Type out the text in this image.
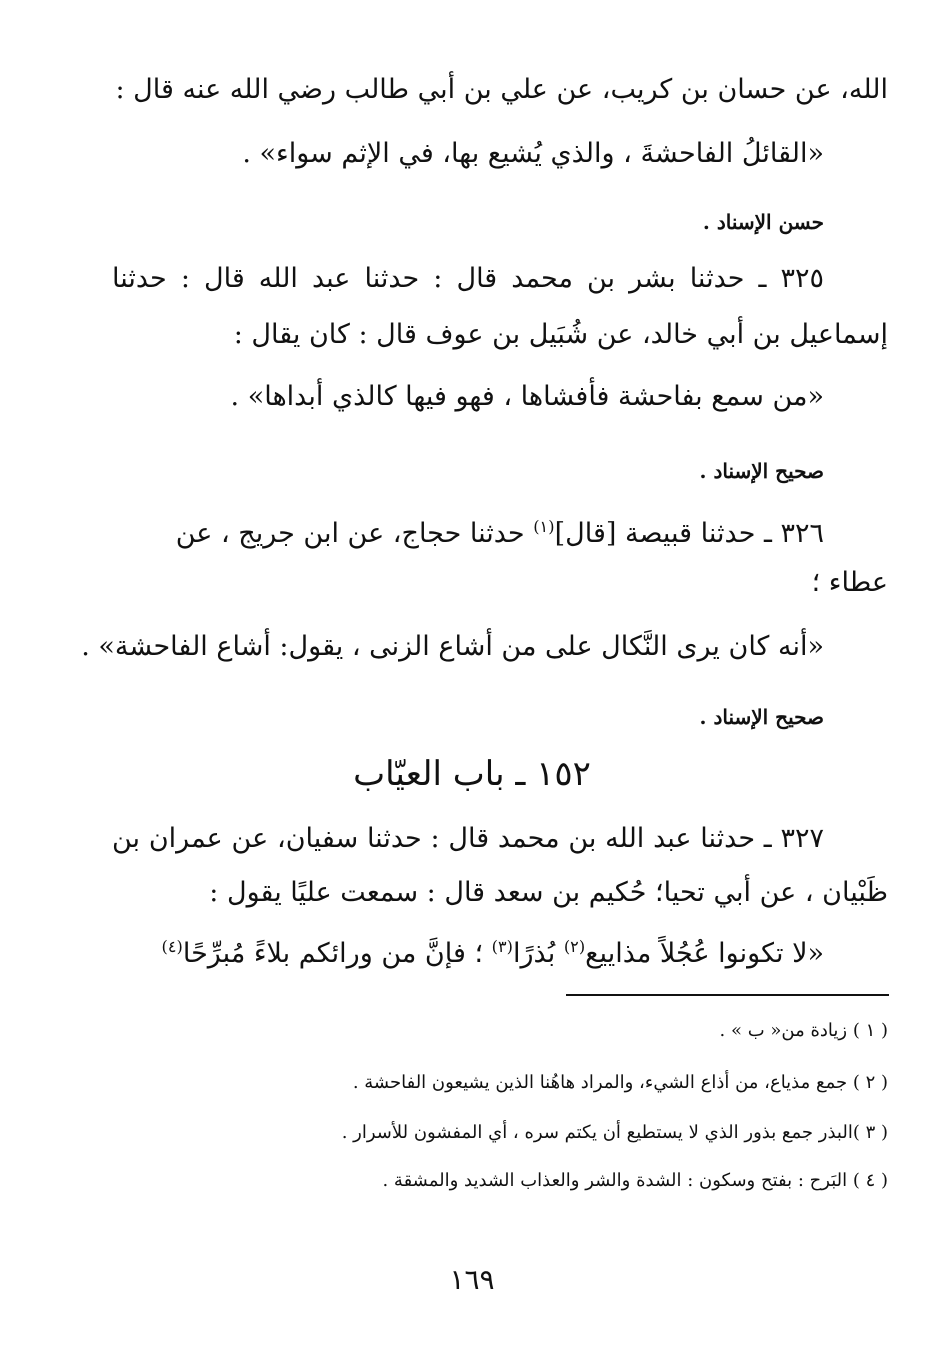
الله، عن حسان بن كريب، عن علي بن أبي طالب رضي الله عنه قال :
«القائلُ الفاحشةَ ، والذي يُشيع بها، في الإثم سواء» .
حسن الإسناد .
٣٢٥ ـ حدثنا بشر بن محمد قال : حدثنا عبد الله قال : حدثنا
إسماعيل بن أبي خالد، عن شُبَيل بن عوف قال : كان يقال :
«من سمع بفاحشة فأفشاها ، فهو فيها كالذي أبداها» .
صحيح الإسناد .
٣٢٦ ـ حدثنا قبيصة [قال]$^{(١)}$ حدثنا حجاج، عن ابن جريج ، عن
عطاء ؛
«أنه كان يرى النَّكال على من أشاع الزنى ، يقول: أشاع الفاحشة» .
صحيح الإسناد .
١٥٢ ـ باب العيّاب
٣٢٧ ـ حدثنا عبد الله بن محمد قال : حدثنا سفيان، عن عمران بن
ظَبْيان ، عن أبي تحيا؛ حُكيم بن سعد قال : سمعت عليًا يقول :
«لا تكونوا عُجُلاً مذاييع$^{(٢)}$ بُذرًا$^{(٣)}$ ؛ فإنَّ من ورائكم بلاءً مُبرِّحًا$^{(٤)}$
( ١ ) زيادة من« ب » .
( ٢ ) جمع مذياع، من أذاع الشيء، والمراد هاهُنا الذين يشيعون الفاحشة .
( ٣ )البذر جمع بذور الذي لا يستطيع أن يكتم سره ، أي المفشون للأسرار .
( ٤ ) البَرح : بفتح وسكون : الشدة والشر والعذاب الشديد والمشقة .
١٦٩
